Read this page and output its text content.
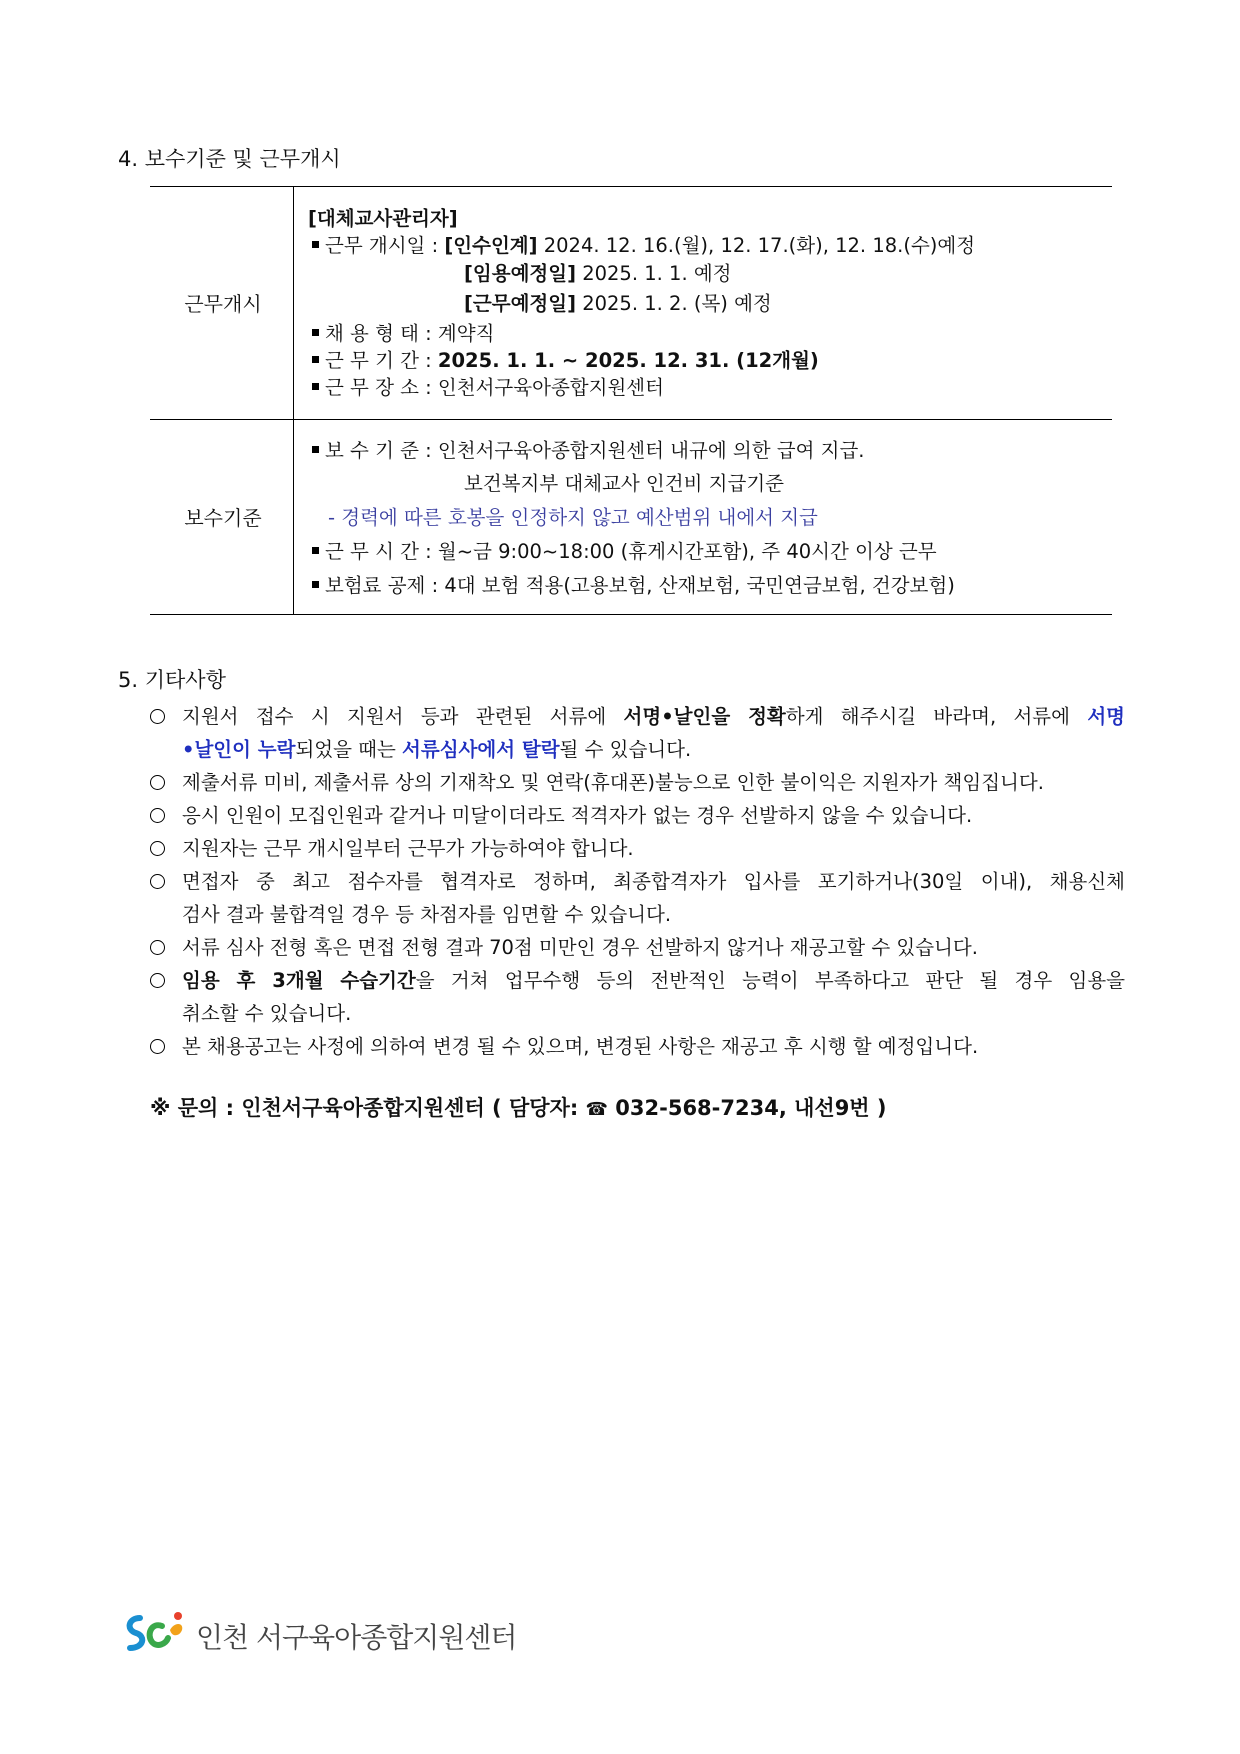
4. 보수기준 및 근무개시
근무개시
[대체교사관리자]
근무 개시일 : [인수인계] 2024. 12. 16.(월), 12. 17.(화), 12. 18.(수)예정
[임용예정일] 2025. 1. 1. 예정
[근무예정일] 2025. 1. 2. (목) 예정
채 용 형 태 : 계약직
근 무 기 간 : 2025. 1. 1. ~ 2025. 12. 31. (12개월)
근 무 장 소 : 인천서구육아종합지원센터
보수기준
보 수 기 준 : 인천서구육아종합지원센터 내규에 의한 급여 지급.
보건복지부 대체교사 인건비 지급기준
- 경력에 따른 호봉을 인정하지 않고 예산범위 내에서 지급
근 무 시 간 : 월~금 9:00~18:00 (휴게시간포함), 주 40시간 이상 근무
보험료 공제 : 4대 보험 적용(고용보험, 산재보험, 국민연금보험, 건강보험)
5. 기타사항
지원서 접수 시 지원서 등과 관련된 서류에 서명•날인을 정확하게 해주시길 바라며, 서류에 서명
•날인이 누락되었을 때는 서류심사에서 탈락될 수 있습니다.
제출서류 미비, 제출서류 상의 기재착오 및 연락(휴대폰)불능으로 인한 불이익은 지원자가 책임집니다.
응시 인원이 모집인원과 같거나 미달이더라도 적격자가 없는 경우 선발하지 않을 수 있습니다.
지원자는 근무 개시일부터 근무가 가능하여야 합니다.
면접자 중 최고 점수자를 협격자로 정하며, 최종합격자가 입사를 포기하거나(30일 이내), 채용신체
검사 결과 불합격일 경우 등 차점자를 임면할 수 있습니다.
서류 심사 전형 혹은 면접 전형 결과 70점 미만인 경우 선발하지 않거나 재공고할 수 있습니다.
임용 후 3개월 수습기간을 거쳐 업무수행 등의 전반적인 능력이 부족하다고 판단 될 경우 임용을
취소할 수 있습니다.
본 채용공고는 사정에 의하여 변경 될 수 있으며, 변경된 사항은 재공고 후 시행 할 예정입니다.
※ 문의 : 인천서구육아종합지원센터 ( 담당자: ☎ 032-568-7234, 내선9번 )
인천 서구육아종합지원센터
